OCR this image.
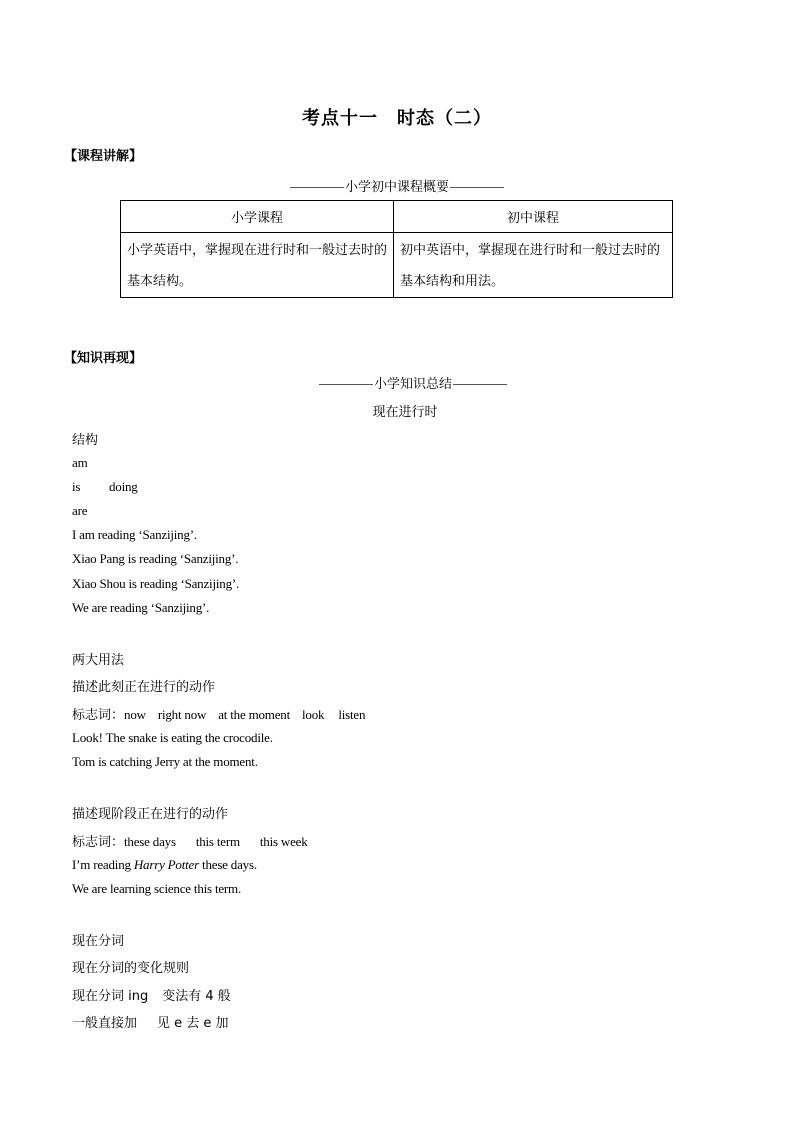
考点十一　时态（二）
【课程讲解】
小学初中课程概要
小学课程	初中课程
小学英语中，掌握现在进行时和一般过去时的基本结构。	初中英语中，掌握现在进行时和一般过去时的基本结构和用法。
【知识再现】
小学知识总结
现在进行时
结构
am
is doing
are
I am reading ‘Sanzijing’.
Xiao Pang is reading ‘Sanzijing’.
Xiao Shou is reading ‘Sanzijing’.
We are reading ‘Sanzijing’.
两大用法
描述此刻正在进行的动作
标志词：now right now at the moment look listen
Look! The snake is eating the crocodile.
Tom is catching Jerry at the moment.
描述现阶段正在进行的动作
标志词：these days this term this week
I’m reading Harry Potter these days.
We are learning science this term.
现在分词
现在分词的变化规则
现在分词 ing 变法有 4 般
一般直接加 见 e 去 e 加
